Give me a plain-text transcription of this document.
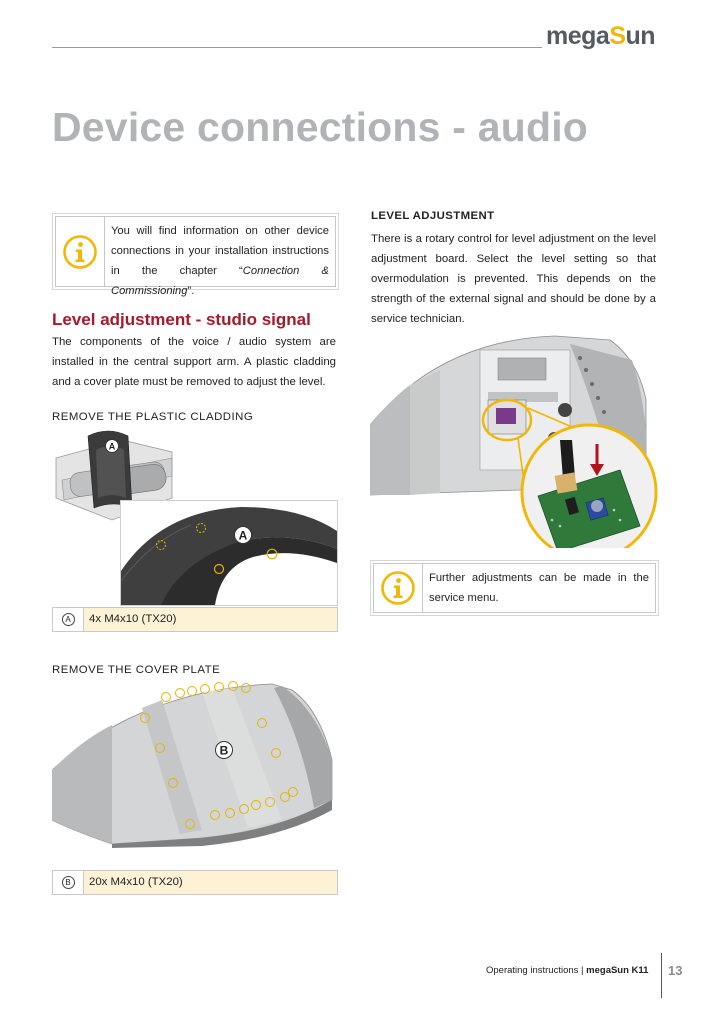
megaSun
Device connections - audio
You will find information on other device connections in your installation instructions in the chapter “Connection & Commissioning”.
Level adjustment - studio signal
The components of the voice / audio system are installed in the central support arm. A plastic cladding and a cover plate must be removed to adjust the level.
REMOVE THE PLASTIC CLADDING
A
A
A	4x M4x10 (TX20)
REMOVE THE COVER PLATE
B
B	20x M4x10 (TX20)
LEVEL ADJUSTMENT
There is a rotary control for level adjustment on the level adjustment board. Select the level setting so that overmodulation is prevented. This depends on the strength of the external signal and should be done by a service technician.
Further adjustments can be made in the service menu.
Operating instructions | megaSun K11 13
